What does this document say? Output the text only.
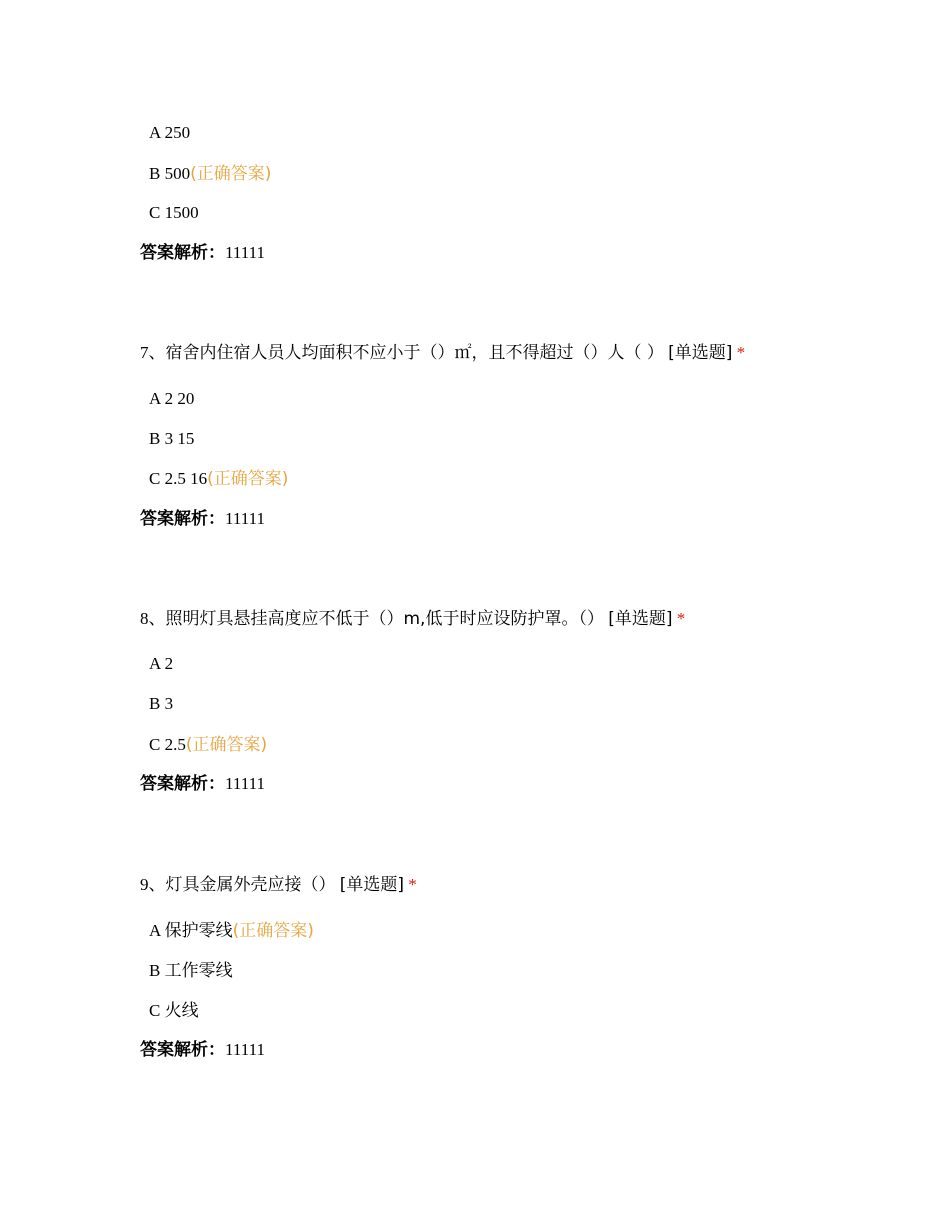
A 250
B 500(正确答案)
C 1500
答案解析：11111
7、宿舍内住宿人员人均面积不应小于（）㎡，且不得超过（）人（ ） [单选题] *
A 2 20
B 3 15
C 2.5 16(正确答案)
答案解析：11111
8、照明灯具悬挂高度应不低于（）m,低于时应设防护罩。（） [单选题] *
A 2
B 3
C 2.5(正确答案)
答案解析：11111
9、灯具金属外壳应接（） [单选题] *
A 保护零线(正确答案)
B 工作零线
C 火线
答案解析：11111
